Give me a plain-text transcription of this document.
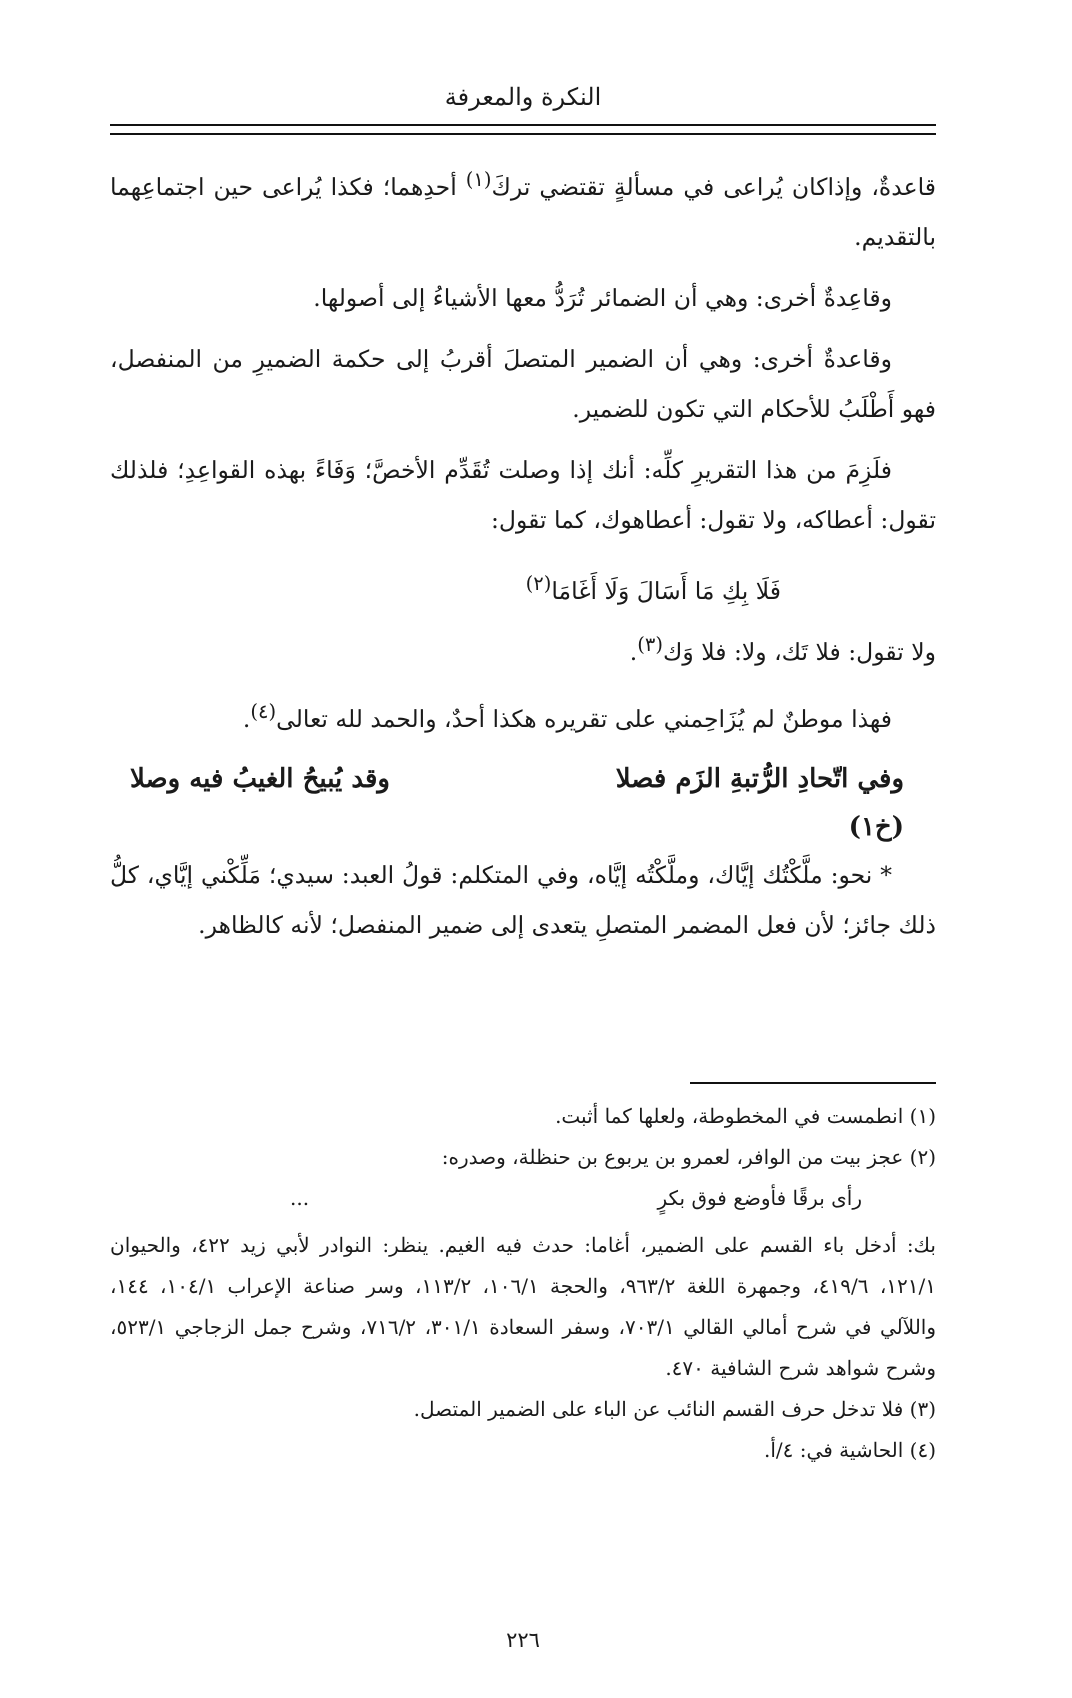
النكرة والمعرفة

قاعدةٌ، وإذاكان يُراعى في مسألةٍ تقتضي تركَ$^{(١)}$ أحدِهما؛ فكذا يُراعى حين اجتماعِهما بالتقديم.

وقاعِدةٌ أخرى: وهي أن الضمائر تُرَدُّ معها الأشياءُ إلى أصولها.

وقاعدةٌ أخرى: وهي أن الضمير المتصلَ أقربُ إلى حكمة الضميرِ من المنفصل، فهو أَطْلَبُ للأحكام التي تكون للضمير.

فلَزِمَ من هذا التقريرِ كلِّه: أنك إذا وصلت تُقَدِّم الأخصَّ؛ وَفَاءً بهذه القواعِدِ؛ فلذلك تقول: أعطاكه، ولا تقول: أعطاهوك، كما تقول:

فَلَا بِكِ مَا أَسَالَ وَلَا أَغَامَا$^{(٢)}$

ولا تقول: فلا تَك، ولا: فلا وَك$^{(٣)}$.

فهذا موطنٌ لم يُزَاحِمني على تقريره هكذا أحدٌ، والحمد لله تعالى$^{(٤)}$.

وفي اتّحادِ الرُّتبةِ الزَم فصلا
وقد يُبيحُ الغيبُ فيه وصلا
(خ١)

* نحو: ملَّكْتُك إيَّاك، وملَّكْتُه إيَّاه، وفي المتكلم: قولُ العبد: سيدي؛ مَلِّكْني إيَّاي، كلُّ ذلك جائز؛ لأن فعل المضمر المتصلِ يتعدى إلى ضمير المنفصل؛ لأنه كالظاهر.

(١) انطمست في المخطوطة، ولعلها كما أثبت.

(٢) عجز بيت من الوافر، لعمرو بن يربوع بن حنظلة، وصدره:

رأى برقًا فأوضع فوق بكرٍ
...

بك: أدخل باء القسم على الضمير، أغاما: حدث فيه الغيم. ينظر: النوادر لأبي زيد ٤٢٢، والحيوان ١٢١/١، ٤١٩/٦، وجمهرة اللغة ٩٦٣/٢، والحجة ١٠٦/١، ١١٣/٢، وسر صناعة الإعراب ١٠٤/١، ١٤٤، واللآلي في شرح أمالي القالي ٧٠٣/١، وسفر السعادة ٣٠١/١، ٧١٦/٢، وشرح جمل الزجاجي ٥٢٣/١، وشرح شواهد شرح الشافية ٤٧٠.

(٣) فلا تدخل حرف القسم النائب عن الباء على الضمير المتصل.

(٤) الحاشية في: ٤/أ.

٢٢٦
